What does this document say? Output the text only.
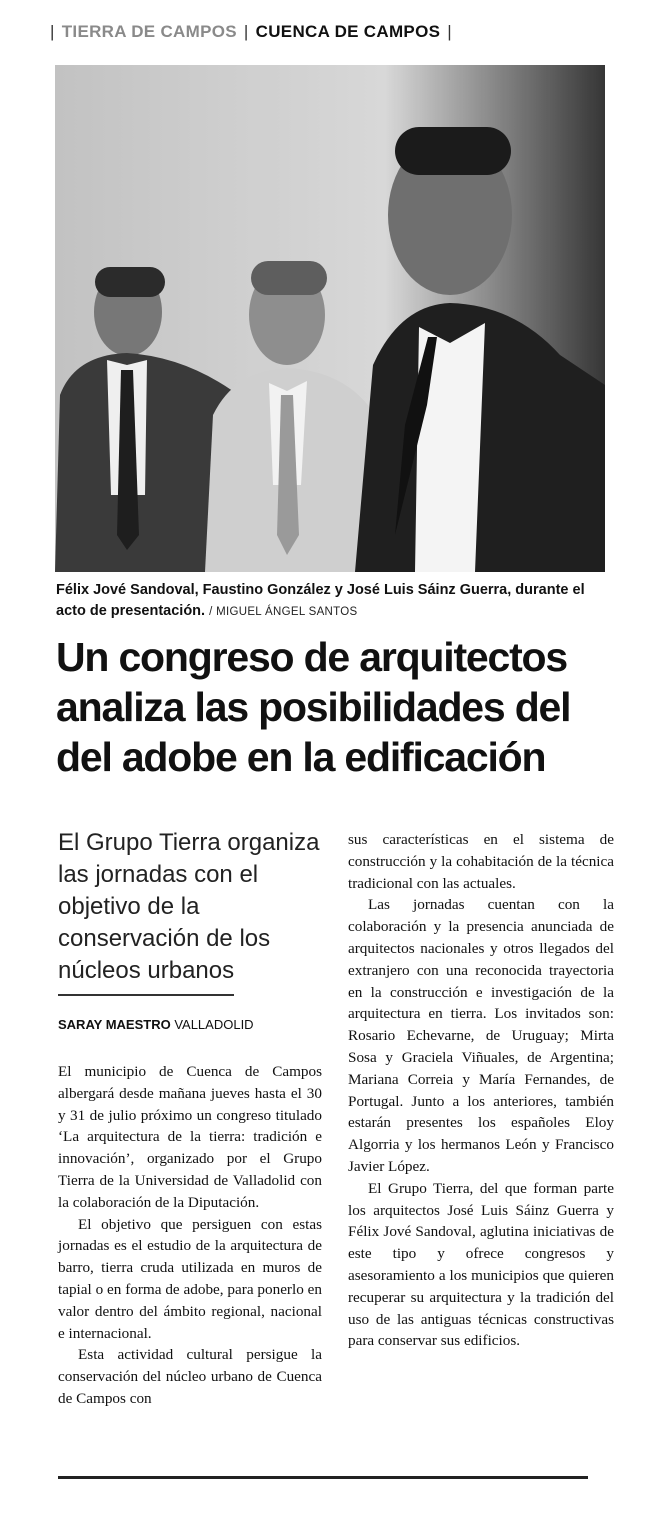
| TIERRA DE CAMPOS | CUENCA DE CAMPOS |
Félix Jové Sandoval, Faustino González y José Luis Sáinz Guerra, durante el acto de presentación. / MIGUEL ÁNGEL SANTOS
Un congreso de arquitectos
analiza las posibilidades del
del adobe en la edificación
El Grupo Tierra organiza las jornadas con el objetivo de la conservación de los núcleos urbanos
SARAY MAESTRO VALLADOLID

El municipio de Cuenca de Campos albergará desde mañana jueves hasta el 30 y 31 de julio próximo un congreso titulado ‘La arquitectura de la tierra: tradición e innovación’, organizado por el Grupo Tierra de la Universidad de Valladolid con la colaboración de la Diputación.

El objetivo que persiguen con estas jornadas es el estudio de la arquitectura de barro, tierra cruda utilizada en muros de tapial o en forma de adobe, para ponerlo en valor dentro del ámbito regional, nacional e internacional.

Esta actividad cultural persigue la conservación del núcleo urbano de Cuenca de Campos con

sus características en el sistema de construcción y la cohabitación de la técnica tradicional con las actuales.

Las jornadas cuentan con la colaboración y la presencia anunciada de arquitectos nacionales y otros llegados del extranjero con una reconocida trayectoria en la construcción e investigación de la arquitectura en tierra. Los invitados son: Rosario Echevarne, de Uruguay; Mirta Sosa y Graciela Viñuales, de Argentina; Mariana Correia y María Fernandes, de Portugal. Junto a los anteriores, también estarán presentes los españoles Eloy Algorria y los hermanos León y Francisco Javier López.

El Grupo Tierra, del que forman parte los arquitectos José Luis Sáinz Guerra y Félix Jové Sandoval, aglutina iniciativas de este tipo y ofrece congresos y asesoramiento a los municipios que quieren recuperar su arquitectura y la tradición del uso de las antiguas técnicas constructivas para conservar sus edificios.
